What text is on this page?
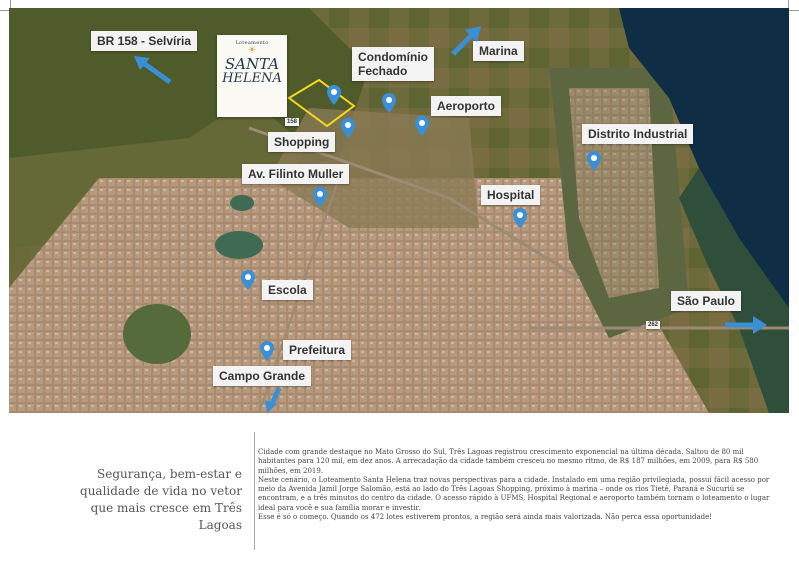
Loteamento
☀
SANTA
HELENA
BR 158 - Selvíria
Marina
Condomínio
Fechado
Aeroporto
Shopping
Distrito Industrial
Av. Filinto Muller
Hospital
Escola
São Paulo
Prefeitura
Campo Grande
158
262
Segurança, bem-estar e qualidade de vida no vetor que mais cresce em Três Lagoas

Cidade com grande destaque no Mato Grosso do Sul, Três Lagoas registrou crescimento exponencial na última década. Saltou de 80 mil habitantes para 120 mil, em dez anos. A arrecadação da cidade também cresceu no mesmo ritmo, de R$ 187 milhões, em 2009, para R$ 580 milhões, em 2019.

Neste cenário, o Loteamento Santa Helena traz novas perspectivas para a cidade. Instalado em uma região privilegiada, possui fácil acesso por meio da Avenida Jamil Jorge Salomão, está ao lado do Três Lagoas Shopping, próximo à marina – onde os rios Tietê, Paraná e Sucuriú se encontram, e a três minutos do centro da cidade. O acesso rápido à UFMS, Hospital Regional e aeroporto também tornam o loteamento o lugar ideal para você e sua família morar e investir.

Esse é só o começo. Quando os 472 lotes estiverem prontos, a região será ainda mais valorizada. Não perca essa oportunidade!
